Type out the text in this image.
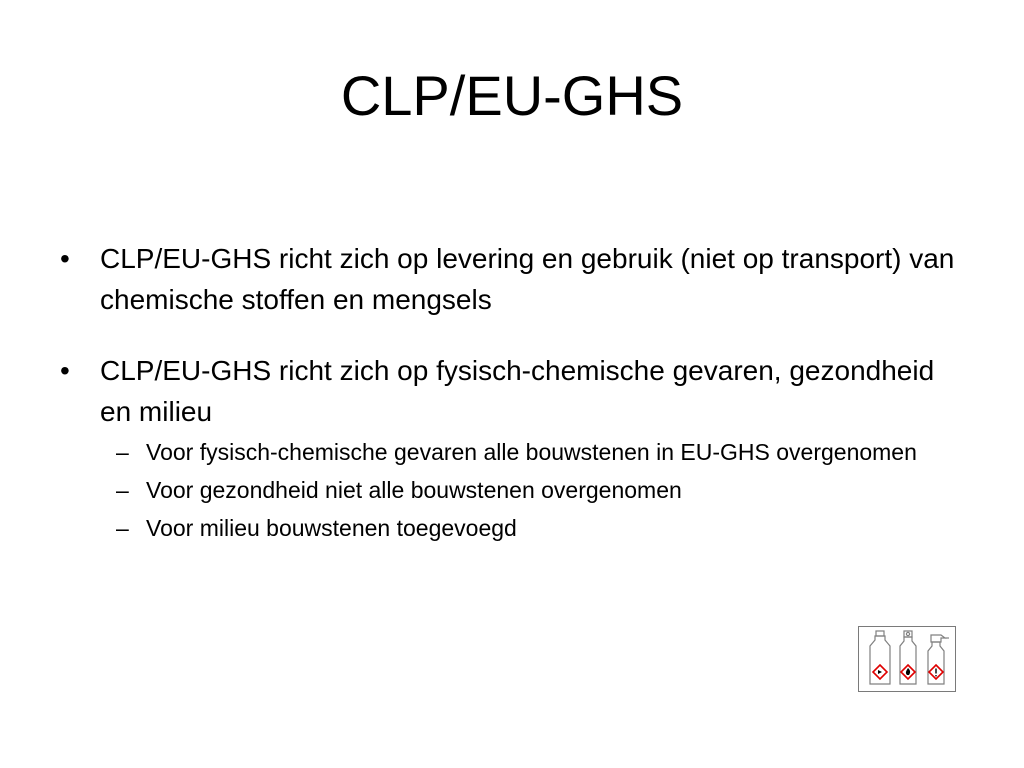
CLP/EU-GHS
• CLP/EU-GHS richt zich op levering en gebruik (niet op transport) van chemische stoffen en mengsels
• CLP/EU-GHS richt zich op fysisch-chemische gevaren, gezondheid en milieu
– Voor fysisch-chemische gevaren alle bouwstenen in EU-GHS overgenomen
– Voor gezondheid niet alle bouwstenen overgenomen
– Voor milieu bouwstenen toegevoegd
